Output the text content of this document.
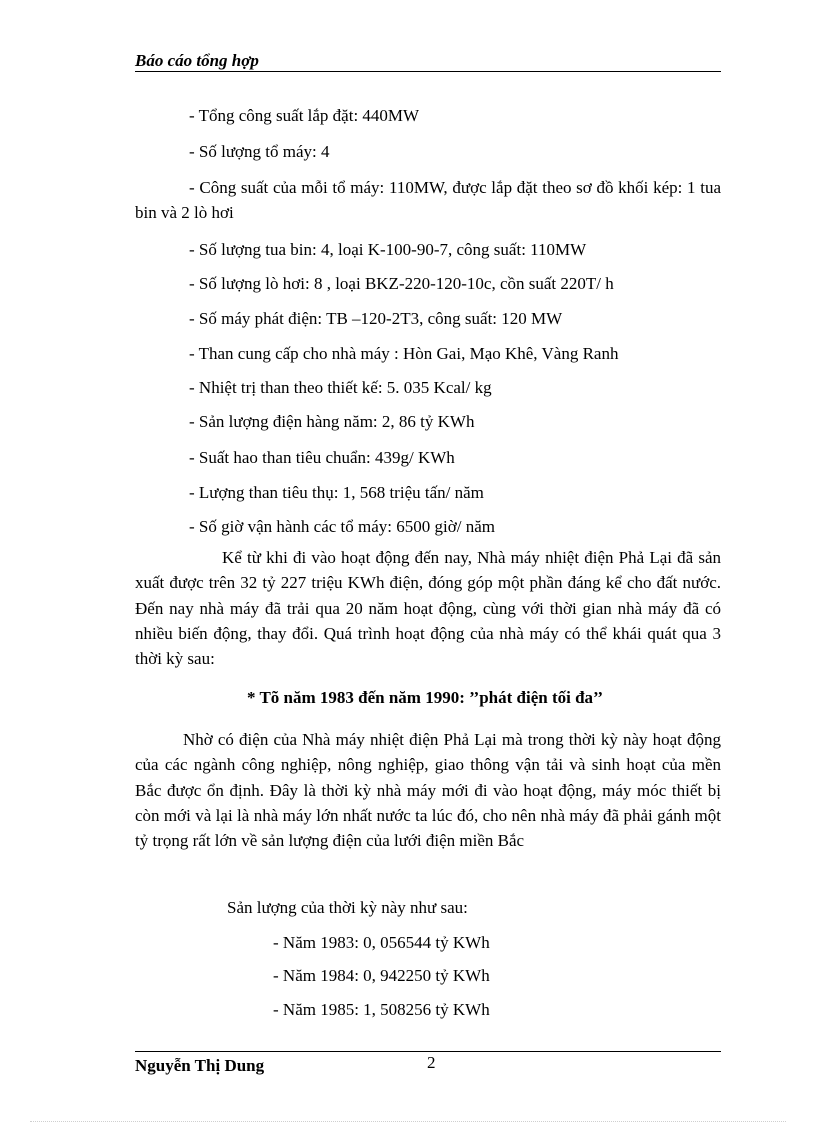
Báo cáo tổng hợp
- Tổng công suất lắp đặt: 440MW
- Số lượng tổ máy: 4
- Công suất của mỗi tổ máy: 110MW, được lắp đặt theo sơ đồ khối kép: 1 tua bin và 2 lò hơi
- Số lượng tua bin: 4, loại K-100-90-7, công suất: 110MW
- Số lượng lò hơi: 8 , loại BKZ-220-120-10c, cồn suất 220T/ h
- Số máy phát điện: TB –120-2T3, công suất: 120 MW
- Than cung cấp cho nhà máy : Hòn Gai, Mạo Khê, Vàng Ranh
- Nhiệt trị than theo thiết kế: 5. 035 Kcal/ kg
- Sản lượng điện hàng năm: 2, 86 tỷ KWh
- Suất hao than tiêu chuẩn: 439g/ KWh
- Lượng than tiêu thụ: 1, 568 triệu tấn/ năm
- Số giờ vận hành các tổ máy: 6500 giờ/ năm
Kể từ khi đi vào hoạt động đến nay, Nhà máy nhiệt điện Phả Lại đã sản xuất được trên 32 tỷ 227 triệu KWh điện, đóng góp một phần đáng kể cho đất nước. Đến nay nhà máy đã trải qua 20 năm hoạt động, cùng với thời gian nhà máy đã có nhiều biến động, thay đổi. Quá trình hoạt động của nhà máy có thể khái quát qua 3 thời kỳ sau:
* Tõ năm 1983 đến năm 1990: ’’phát điện tối đa’’
Nhờ có điện của Nhà máy nhiệt điện Phả Lại mà trong thời kỳ này hoạt động của các ngành công nghiệp, nông nghiệp, giao thông vận tải và sinh hoạt của mền Bắc được ổn định. Đây là thời kỳ nhà máy mới đi vào hoạt động, máy móc thiết bị còn mới và lại là nhà máy lớn nhất nước ta lúc đó, cho nên nhà máy đã phải gánh một tỷ trọng rất lớn về sản lượng điện của lưới điện miền Bắc
Sản lượng của thời kỳ này như sau:
- Năm 1983: 0, 056544 tỷ KWh
- Năm 1984: 0, 942250 tỷ KWh
- Năm 1985: 1, 508256 tỷ KWh
Nguyễn Thị Dung	2
